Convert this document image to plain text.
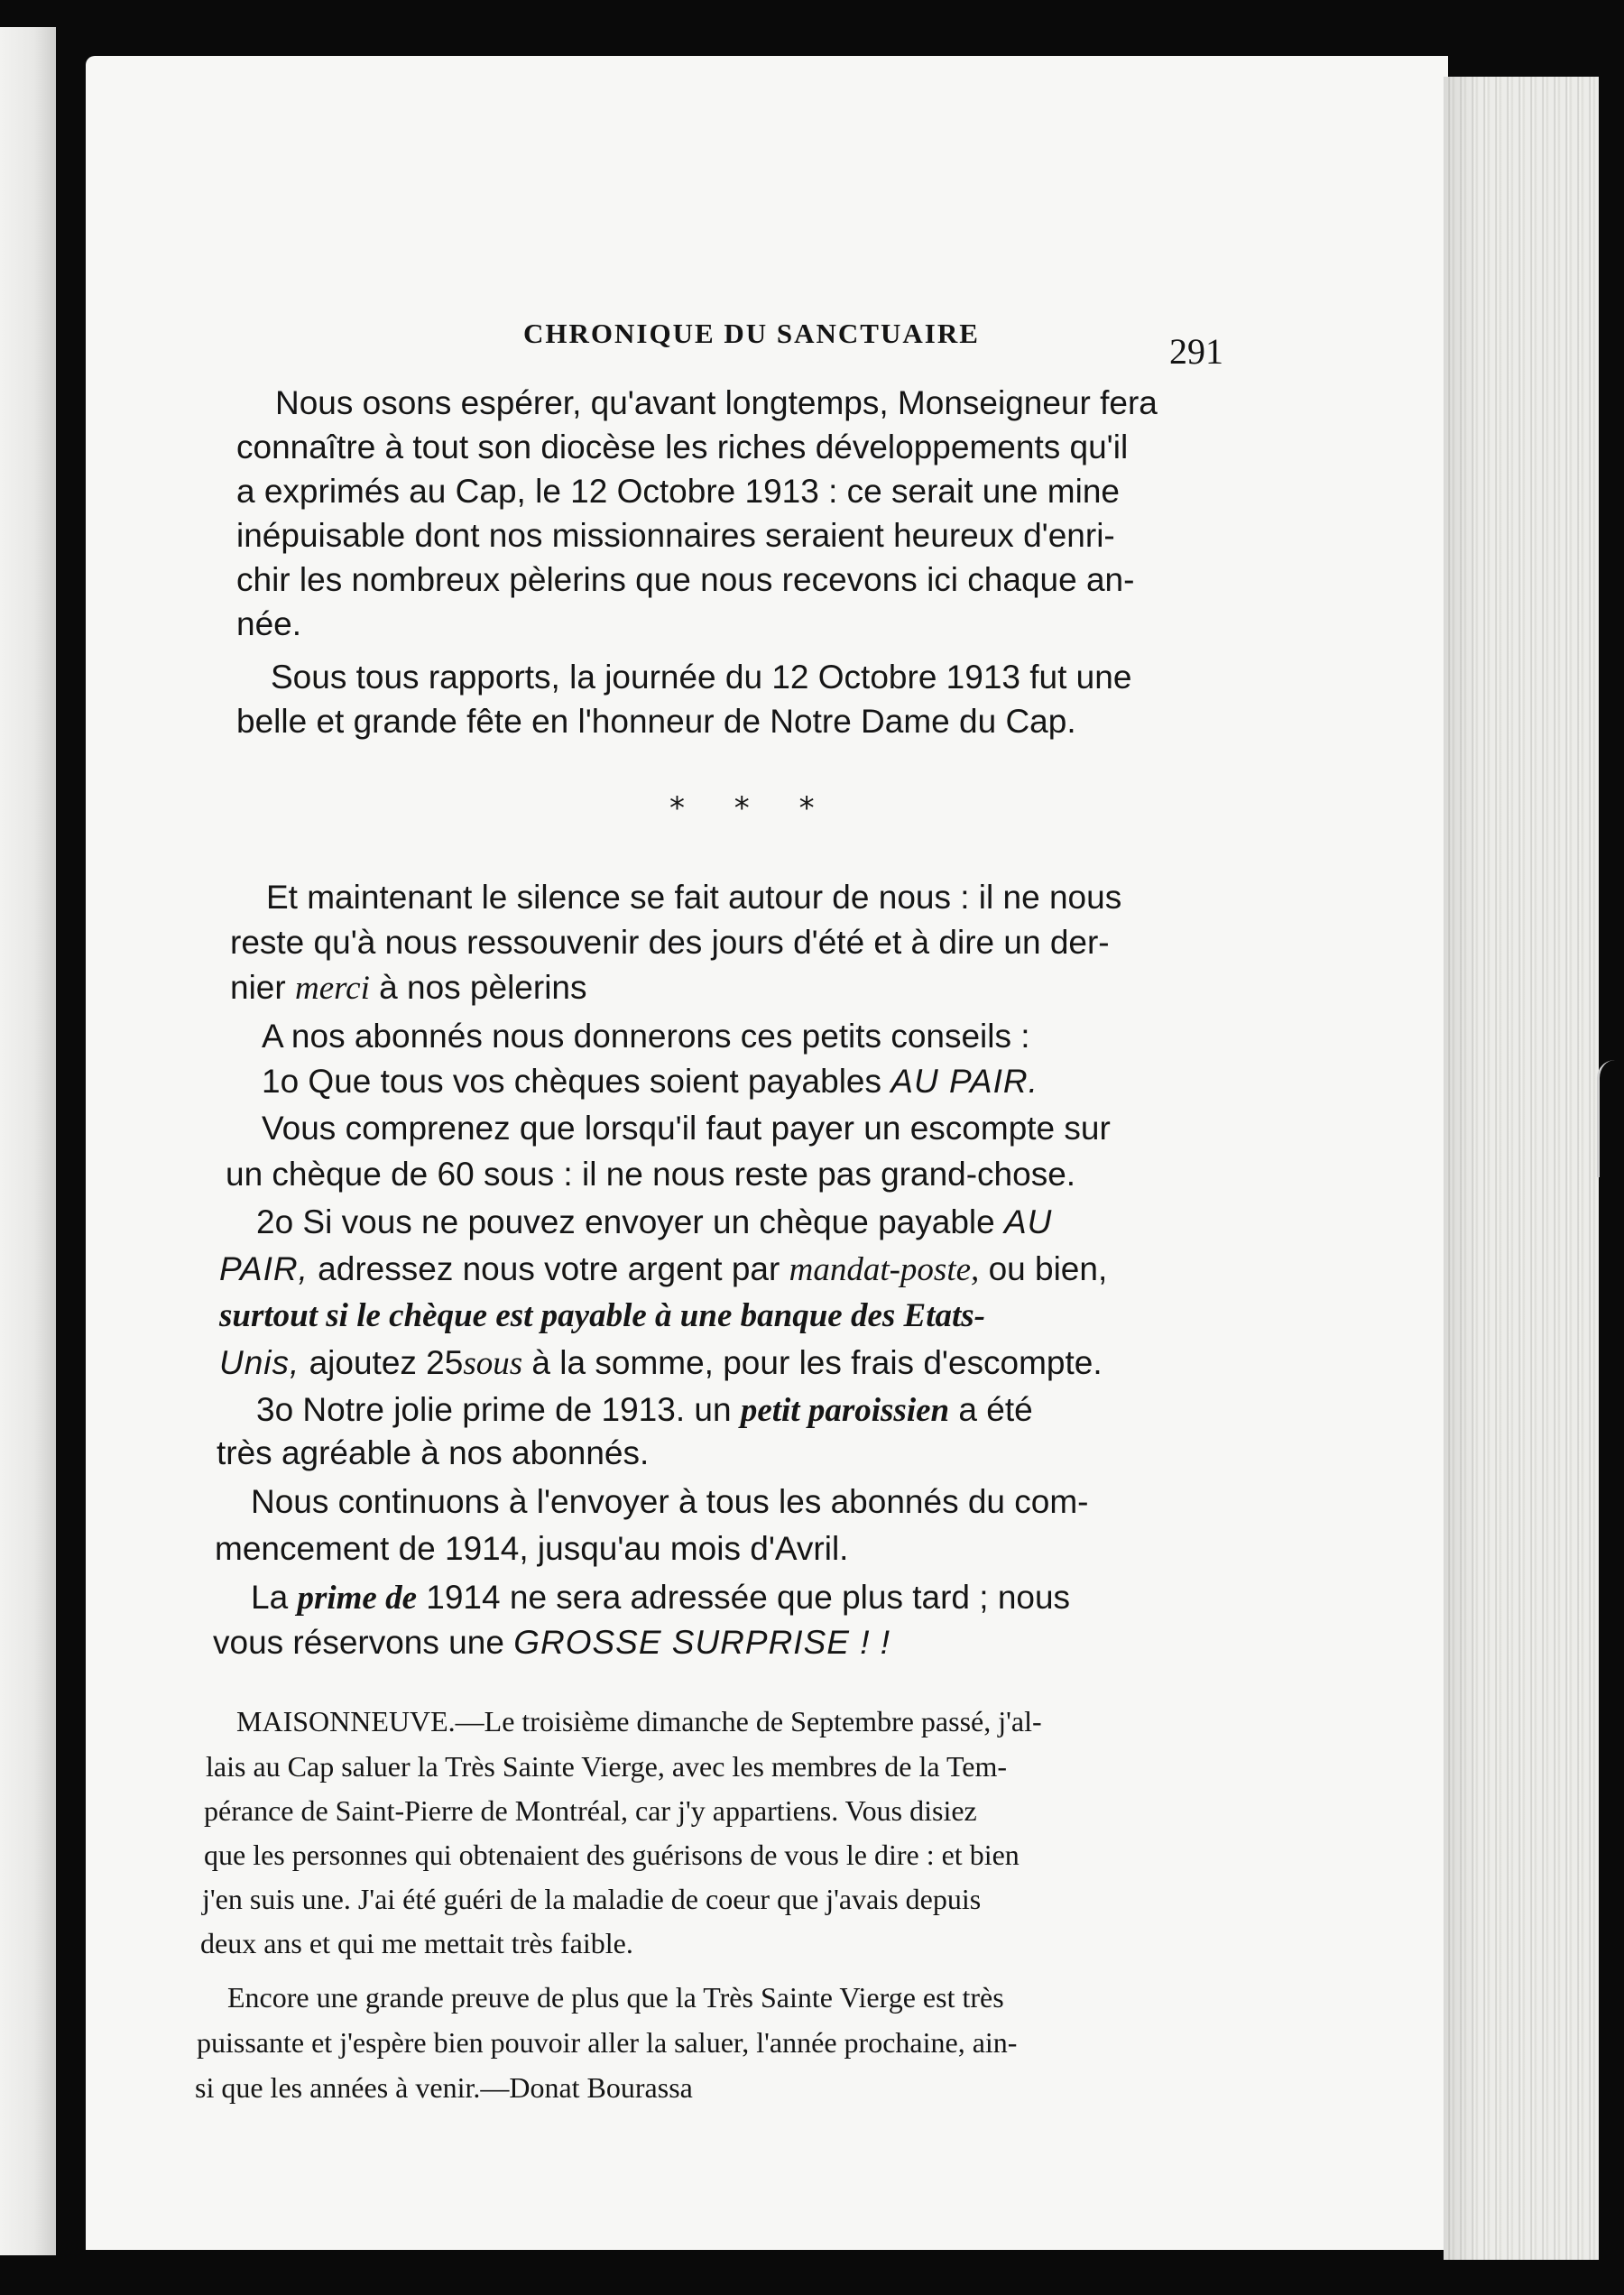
CHRONIQUE DU SANCTUAIRE	291
Nous osons espérer, qu'avant longtemps, Monseigneur fera
connaître à tout son diocèse les riches développements qu'il
a exprimés au Cap, le 12 Octobre 1913 : ce serait une mine
inépuisable dont nos missionnaires seraient heureux d'enri-
chir les nombreux pèlerins que nous recevons ici chaque an-
née.
Sous tous rapports, la journée du 12 Octobre 1913 fut une
belle et grande fête en l'honneur de Notre Dame du Cap.
* * *
Et maintenant le silence se fait autour de nous : il ne nous
reste qu'à nous ressouvenir des jours d'été et à dire un der-
nier merci à nos pèlerins
A nos abonnés nous donnerons ces petits conseils :
1o Que tous vos chèques soient payables AU PAIR.
Vous comprenez que lorsqu'il faut payer un escompte sur
un chèque de 60 sous : il ne nous reste pas grand-chose.
2o Si vous ne pouvez envoyer un chèque payable AU
PAIR, adressez nous votre argent par mandat-poste, ou bien,
surtout si le chèque est payable à une banque des Etats-
Unis, ajoutez 25sous à la somme, pour les frais d'escompte.
3o Notre jolie prime de 1913. un petit paroissien a été
très agréable à nos abonnés.
Nous continuons à l'envoyer à tous les abonnés du com-
mencement de 1914, jusqu'au mois d'Avril.
La prime de 1914 ne sera adressée que plus tard ; nous
vous réservons une GROSSE SURPRISE ! !
MAISONNEUVE.—Le troisième dimanche de Septembre passé, j'al-
lais au Cap saluer la Très Sainte Vierge, avec les membres de la Tem-
pérance de Saint-Pierre de Montréal, car j'y appartiens. Vous disiez
que les personnes qui obtenaient des guérisons de vous le dire : et bien
j'en suis une. J'ai été guéri de la maladie de coeur que j'avais depuis
deux ans et qui me mettait très faible.
Encore une grande preuve de plus que la Très Sainte Vierge est très
puissante et j'espère bien pouvoir aller la saluer, l'année prochaine, ain-
si que les années à venir.—Donat Bourassa
